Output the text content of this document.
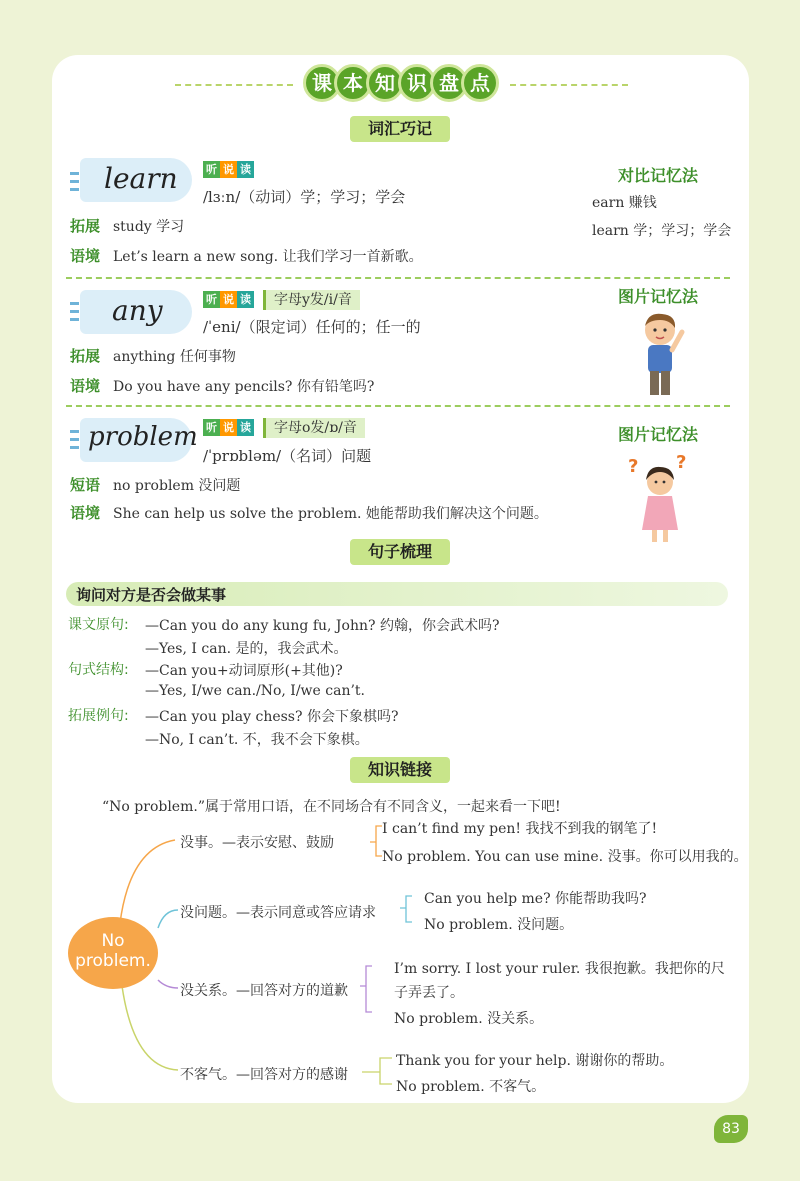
课 本 知 识 盘 点
词汇巧记
learn	听 说 读
/lɜːn/（动词）学；学习；学会
拓展 study 学习
语境 Let’s learn a new song. 让我们学习一首新歌。
对比记忆法
earn 赚钱
learn 学；学习；学会
any	听 说 读	字母y发/i/音
/ˈeni/（限定词）任何的；任一的
拓展 anything 任何事物
语境 Do you have any pencils? 你有铅笔吗?
图片记忆法
problem 听 说 读	字母o发/ɒ/音
/ˈprɒbləm/（名词）问题
短语 no problem 没问题
语境 She can help us solve the problem. 她能帮助我们解决这个问题。
图片记忆法
? ?
句子梳理
询问对方是否会做某事
课文原句: —Can you do any kung fu, John? 约翰，你会武术吗?
—Yes, I can. 是的，我会武术。
句式结构: —Can you+动词原形(+其他)?
—Yes, I/we can./No, I/we can’t.
拓展例句: —Can you play chess? 你会下象棋吗?
—No, I can’t. 不，我不会下象棋。
知识链接
“No problem.”属于常用口语，在不同场合有不同含义，一起来看一下吧!
No
problem.
没事。—表示安慰、鼓励
I can’t find my pen! 我找不到我的钢笔了!
No problem. You can use mine. 没事。你可以用我的。
没问题。—表示同意或答应请求
Can you help me? 你能帮助我吗?
No problem. 没问题。
没关系。—回答对方的道歉
I’m sorry. I lost your ruler. 我很抱歉。我把你的尺
子弄丢了。
No problem. 没关系。
不客气。—回答对方的感谢
Thank you for your help. 谢谢你的帮助。
No problem. 不客气。
83
